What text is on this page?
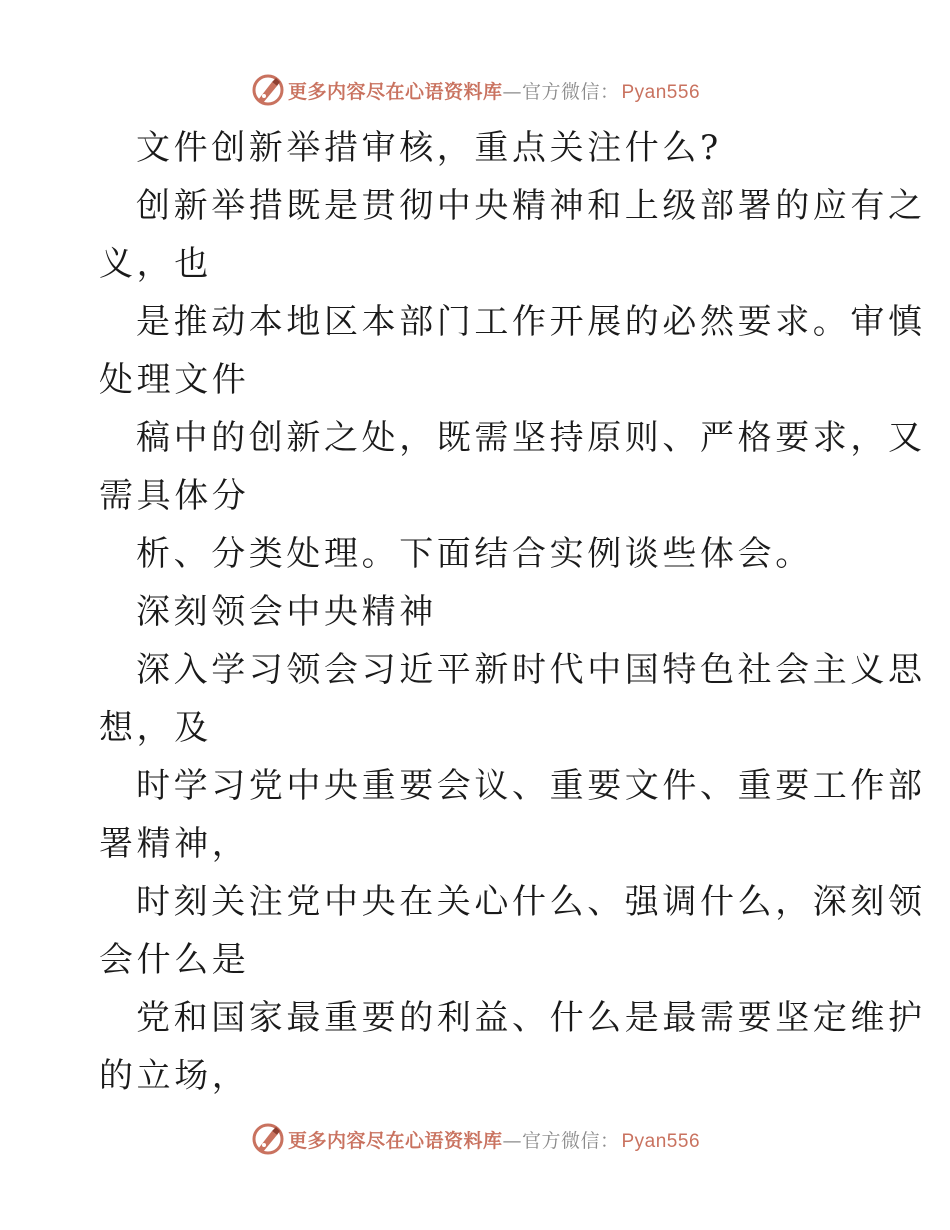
更多内容尽在心语资料库 — 官方微信： Pyan556
文件创新举措审核，重点关注什么?
创新举措既是贯彻中央精神和上级部署的应有之
义，也
是推动本地区本部门工作开展的必然要求。审慎
处理文件
稿中的创新之处，既需坚持原则、严格要求，又
需具体分
析、分类处理。下面结合实例谈些体会。
深刻领会中央精神
深入学习领会习近平新时代中国特色社会主义思
想，及
时学习党中央重要会议、重要文件、重要工作部
署精神，
时刻关注党中央在关心什么、强调什么，深刻领
会什么是
党和国家最重要的利益、什么是最需要坚定维护
的立场，
更多内容尽在心语资料库 — 官方微信： Pyan556
